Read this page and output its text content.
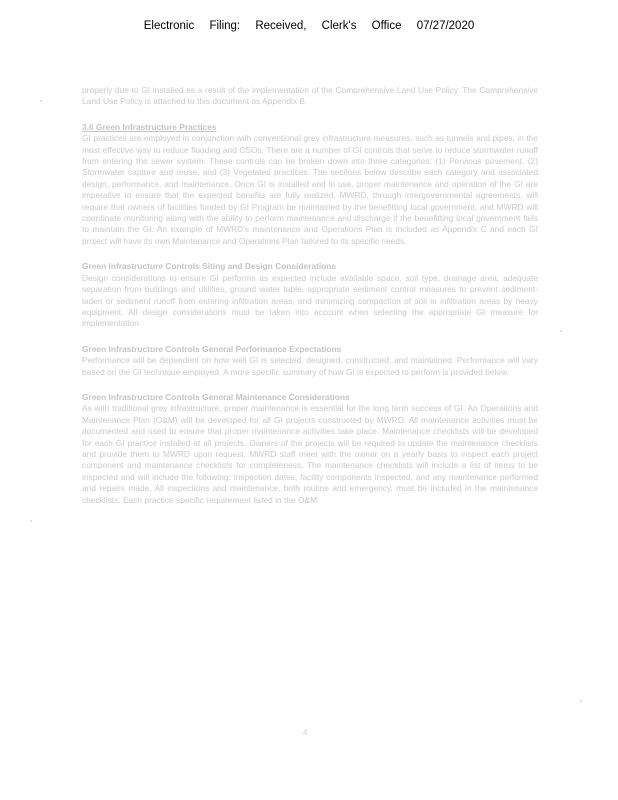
Electronic Filing: Received, Clerk's Office 07/27/2020

properly due to GI installed as a result of the implementation of the Comprehensive Land Use Policy. The Comprehensive Land Use Policy is attached to this document as Appendix B.

3.6 Green Infrastructure Practices

GI practices are employed in conjunction with conventional grey infrastructure measures, such as tunnels and pipes, in the most effective way to reduce flooding and CSOs. There are a number of GI controls that serve to reduce stormwater runoff from entering the sewer system. These controls can be broken down into three categories: (1) Pervious pavement, (2) Stormwater capture and reuse, and (3) Vegetated practices. The sections below describe each category and associated design, performance, and maintenance. Once GI is installed and in use, proper maintenance and operation of the GI are imperative to ensure that the expected benefits are fully realized. MWRD, through intergovernmental agreements, will require that owners of facilities funded by GI Program be maintained by the benefitting local government, and MWRD will coordinate monitoring along with the ability to perform maintenance and discharge if the benefitting local government fails to maintain the GI. An example of MWRD's maintenance and Operations Plan is included as Appendix C and each GI project will have its own Maintenance and Operations Plan tailored to its specific needs.

Green Infrastructure Controls Siting and Design Considerations

Design considerations to ensure GI performs as expected include available space, soil type, drainage area, adequate separation from buildings and utilities, ground water table, appropriate sediment control measures to prevent sediment-laden or sediment runoff from entering infiltration areas, and minimizing compaction of soil in infiltration areas by heavy equipment. All design considerations must be taken into account when selecting the appropriate GI measure for implementation.

Green Infrastructure Controls General Performance Expectations

Performance will be dependent on how well GI is selected, designed, constructed, and maintained. Performance will vary based on the GI technique employed. A more specific summary of how GI is expected to perform is provided below.

Green Infrastructure Controls General Maintenance Considerations

As with traditional grey infrastructure, proper maintenance is essential for the long term success of GI. An Operations and Maintenance Plan (O&M) will be developed for all GI projects constructed by MWRD. All maintenance activities must be documented and used to ensure that proper maintenance activities take place. Maintenance checklists will be developed for each GI practice installed at all projects. Owners of the projects will be required to update the maintenance checklists and provide them to MWRD upon request. MWRD staff meet with the owner on a yearly basis to inspect each project component and maintenance checklists for completeness. The maintenance checklists will include a list of items to be inspected and will include the following: inspection dates, facility components inspected, and any maintenance performed and repairs made. All inspections and maintenance, both routine and emergency, must be included in the maintenance checklists. Each practice specific requirement listed in the O&M

4
